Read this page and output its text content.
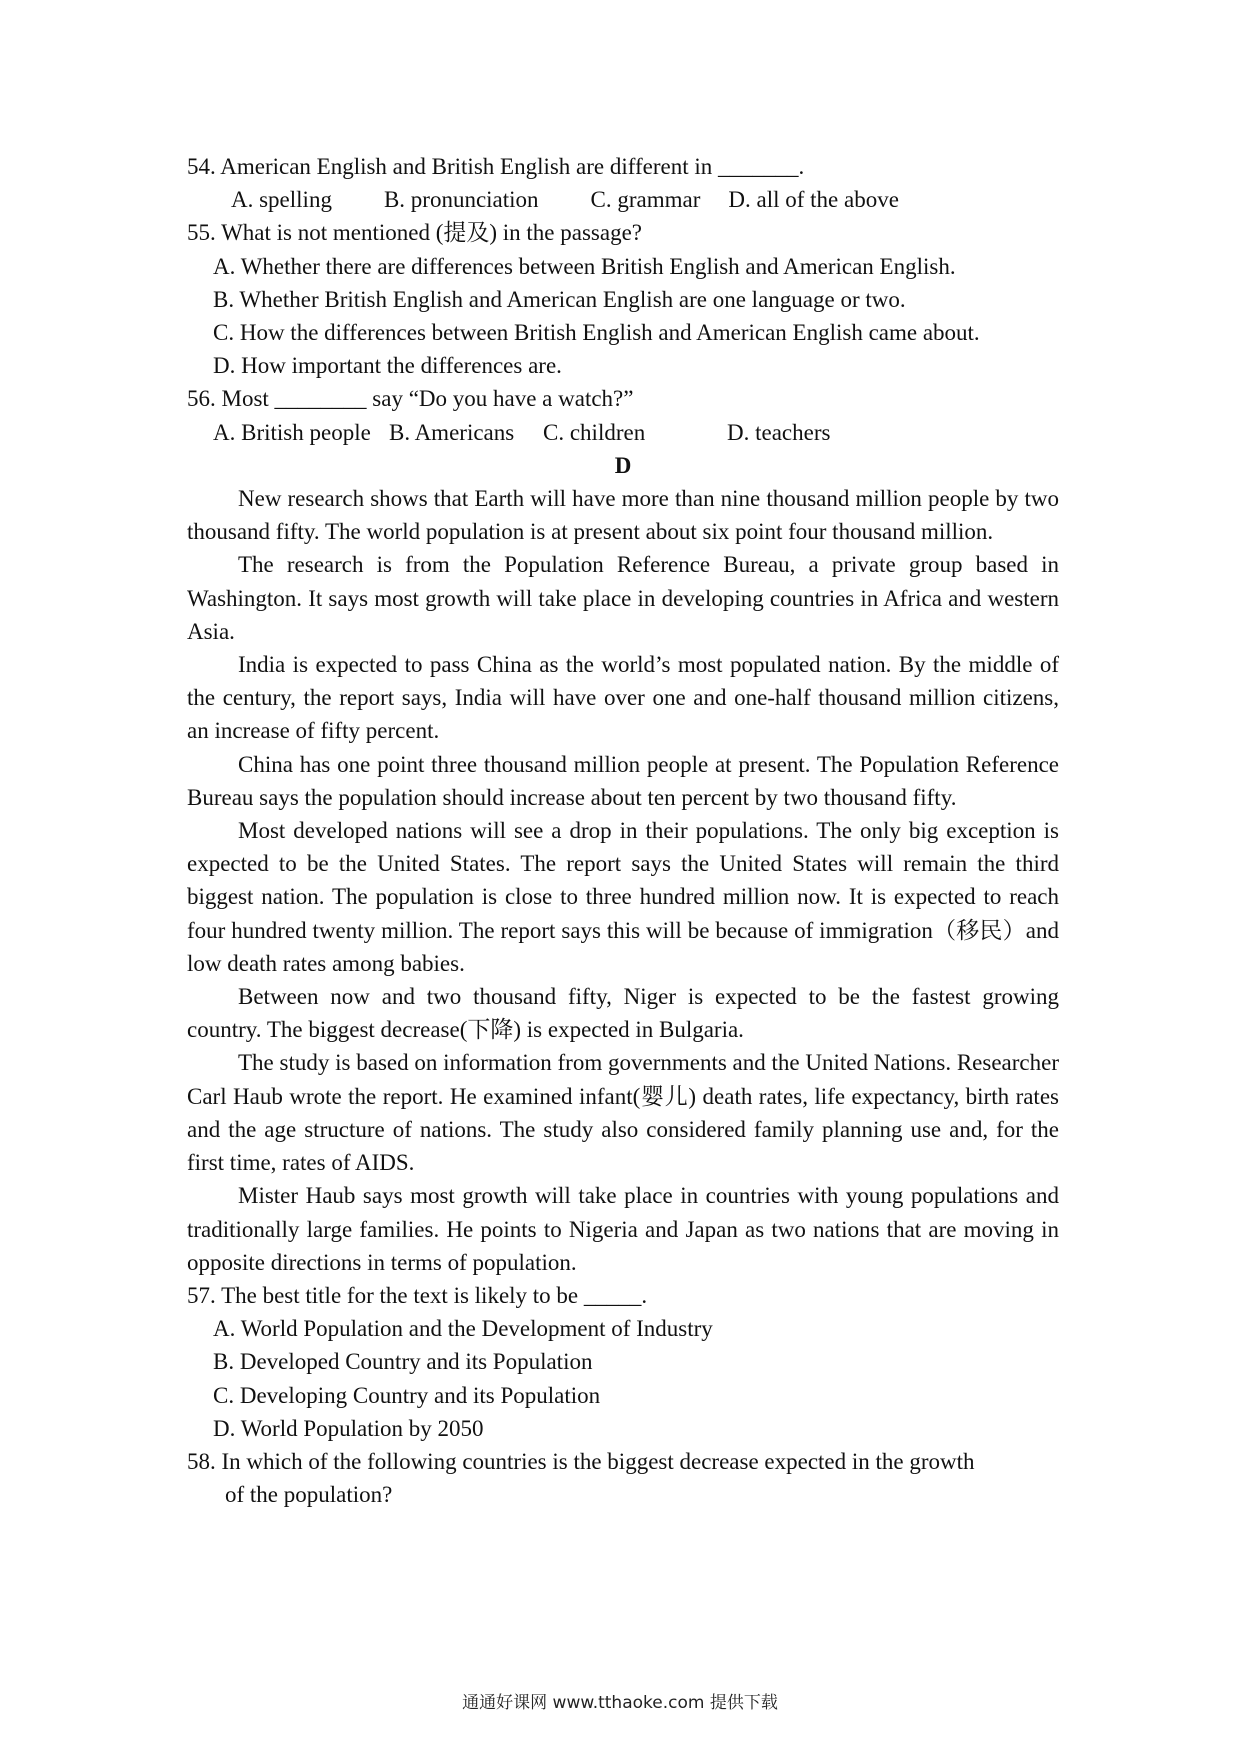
54. American English and British English are different in _______.
A. spelling B. pronunciation C. grammar D. all of the above
55. What is not mentioned (提及) in the passage?
A. Whether there are differences between British English and American English.
B. Whether British English and American English are one language or two.
C. How the differences between British English and American English came about.
D. How important the differences are.
56. Most ________ say “Do you have a watch?”
A. British people B. Americans	C. children	D. teachers
D
New research shows that Earth will have more than nine thousand million people by two thousand fifty. The world population is at present about six point four thousand million.
The research is from the Population Reference Bureau, a private group based in Washington. It says most growth will take place in developing countries in Africa and western Asia.
India is expected to pass China as the world’s most populated nation. By the middle of the century, the report says, India will have over one and one-half thousand million citizens, an increase of fifty percent.
China has one point three thousand million people at present. The Population Reference Bureau says the population should increase about ten percent by two thousand fifty.
Most developed nations will see a drop in their populations. The only big exception is expected to be the United States. The report says the United States will remain the third biggest nation. The population is close to three hundred million now. It is expected to reach four hundred twenty million. The report says this will be because of immigration（移民）and low death rates among babies.
Between now and two thousand fifty, Niger is expected to be the fastest growing country. The biggest decrease(下降) is expected in Bulgaria.
The study is based on information from governments and the United Nations. Researcher Carl Haub wrote the report. He examined infant(婴儿) death rates, life expectancy, birth rates and the age structure of nations. The study also considered family planning use and, for the first time, rates of AIDS.
Mister Haub says most growth will take place in countries with young populations and traditionally large families. He points to Nigeria and Japan as two nations that are moving in opposite directions in terms of population.
57. The best title for the text is likely to be _____.
A. World Population and the Development of Industry
B. Developed Country and its Population
C. Developing Country and its Population
D. World Population by 2050
58. In which of the following countries is the biggest decrease expected in the growth
of the population?
通通好课网 www.tthaoke.com 提供下载
